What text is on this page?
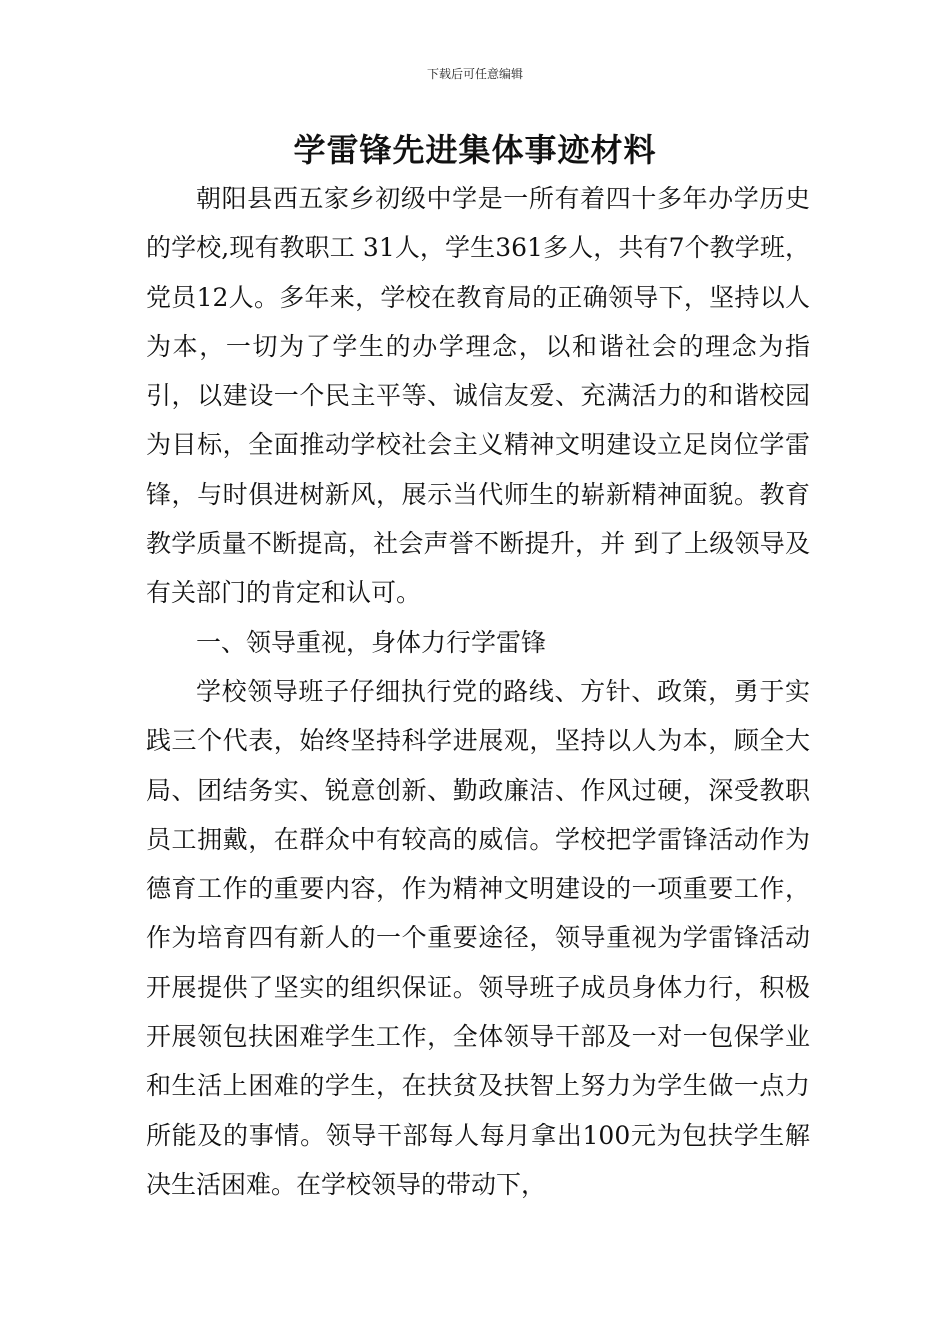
下载后可任意编辑
学雷锋先进集体事迹材料

朝阳县西五家乡初级中学是一所有着四十多年办学历史的学校,现有教职工 31人，学生361多人，共有7个教学班，党员12人。多年来，学校在教育局的正确领导下，坚持以人为本，一切为了学生的办学理念，以和谐社会的理念为指引，以建设一个民主平等、诚信友爱、充满活力的和谐校园为目标，全面推动学校社会主义精神文明建设立足岗位学雷锋，与时俱进树新风，展示当代师生的崭新精神面貌。教育教学质量不断提高，社会声誉不断提升，并 到了上级领导及有关部门的肯定和认可。

一、领导重视，身体力行学雷锋

学校领导班子仔细执行党的路线、方针、政策，勇于实践三个代表，始终坚持科学进展观，坚持以人为本，顾全大局、团结务实、锐意创新、勤政廉洁、作风过硬，深受教职员工拥戴，在群众中有较高的威信。学校把学雷锋活动作为德育工作的重要内容，作为精神文明建设的一项重要工作，作为培育四有新人的一个重要途径，领导重视为学雷锋活动开展提供了坚实的组织保证。领导班子成员身体力行，积极开展领包扶困难学生工作，全体领导干部及一对一包保学业和生活上困难的学生，在扶贫及扶智上努力为学生做一点力所能及的事情。领导干部每人每月拿出100元为包扶学生解决生活困难。在学校领导的带动下，
